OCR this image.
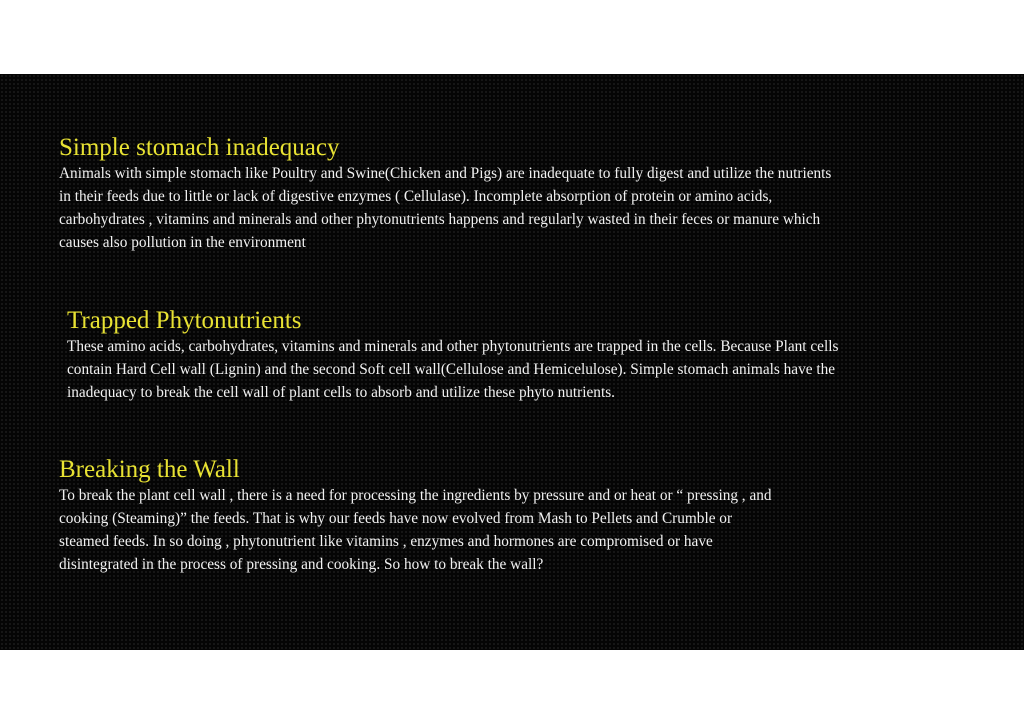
Simple stomach inadequacy

Animals with simple stomach like Poultry and Swine(Chicken and Pigs) are inadequate to fully digest and utilize the nutrients

in their feeds due to little or lack of digestive enzymes ( Cellulase). Incomplete absorption of protein or amino acids,

carbohydrates , vitamins and minerals and other phytonutrients happens and regularly wasted in their feces or manure which

causes also pollution in the environment

Trapped Phytonutrients

These amino acids, carbohydrates, vitamins and minerals and other phytonutrients are trapped in the cells. Because Plant cells

contain Hard Cell wall (Lignin) and the second Soft cell wall(Cellulose and Hemicelulose). Simple stomach animals have the

inadequacy to break the cell wall of plant cells to absorb and utilize these phyto nutrients.

Breaking the Wall

To break the plant cell wall , there is a need for processing the ingredients by pressure and or heat or “ pressing , and

cooking (Steaming)” the feeds. That is why our feeds have now evolved from Mash to Pellets and Crumble or

steamed feeds. In so doing , phytonutrient like vitamins , enzymes and hormones are compromised or have

disintegrated in the process of pressing and cooking. So how to break the wall?
